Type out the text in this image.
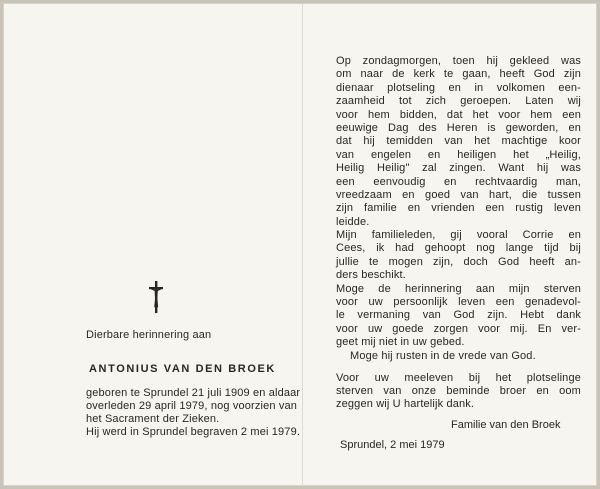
Dierbare herinnering aan
ANTONIUS VAN DEN BROEK
geboren te Sprundel 21 juli 1909 en aldaar
overleden 29 april 1979, nog voorzien van
het Sacrament der Zieken.
Hij werd in Sprundel begraven 2 mei 1979.
Op zondagmorgen, toen hij gekleed was
om naar de kerk te gaan, heeft God zijn
dienaar plotseling en in volkomen een-
zaamheid tot zich geroepen. Laten wij
voor hem bidden, dat het voor hem een
eeuwige Dag des Heren is geworden, en
dat hij temidden van het machtige koor
van engelen en heiligen het „Heilig,
Heilig Heilig" zal zingen. Want hij was
een eenvoudig en rechtvaardig man,
vreedzaam en goed van hart, die tussen
zijn familie en vrienden een rustig leven
leidde.
Mijn familieleden, gij vooral Corrie en
Cees, ik had gehoopt nog lange tijd bij
jullie te mogen zijn, doch God heeft an-
ders beschikt.
Moge de herinnering aan mijn sterven
voor uw persoonlijk leven een genadevol-
le vermaning van God zijn. Hebt dank
voor uw goede zorgen voor mij. En ver-
geet mij niet in uw gebed.
Moge hij rusten in de vrede van God.
Voor uw meeleven bij het plotselinge
sterven van onze beminde broer en oom
zeggen wij U hartelijk dank.
Familie van den Broek
Sprundel, 2 mei 1979
